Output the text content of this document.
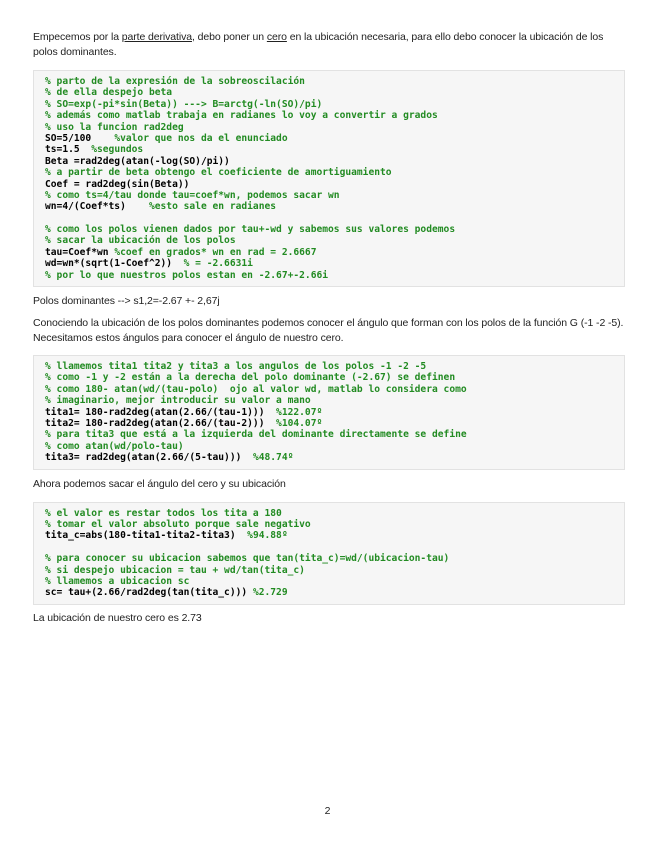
Empecemos por la parte derivativa, debo poner un cero en la ubicación necesaria, para ello debo conocer la ubicación de los polos dominantes.

% parto de la expresión de la sobreoscilación
% de ella despejo beta
% SO=exp(-pi*sin(Beta)) ---> B=arctg(-ln(SO)/pi)
% además como matlab trabaja en radianes lo voy a convertir a grados
% uso la funcion rad2deg
SO=5/100    %valor que nos da el enunciado
ts=1.5  %segundos
Beta =rad2deg(atan(-log(SO)/pi))
% a partir de beta obtengo el coeficiente de amortiguamiento
Coef = rad2deg(sin(Beta))
% como ts=4/tau donde tau=coef*wn, podemos sacar wn
wn=4/(Coef*ts)    %esto sale en radianes
% como los polos vienen dados por tau+-wd y sabemos sus valores podemos
% sacar la ubicación de los polos
tau=Coef*wn %coef en grados* wn en rad = 2.6667
wd=wn*(sqrt(1-Coef^2))  % = -2.6631i
% por lo que nuestros polos estan en -2.67+-2.66i

Polos dominantes --> s1,2=-2.67 +- 2,67j

Conociendo la ubicación de los polos dominantes podemos conocer el ángulo que forman con los polos de la función G (-1 -2 -5). Necesitamos estos ángulos para conocer el ángulo de nuestro cero.

% llamemos tita1 tita2 y tita3 a los angulos de los polos -1 -2 -5
% como -1 y -2 están a la derecha del polo dominante (-2.67) se definen
% como 180- atan(wd/(tau-polo)  ojo al valor wd, matlab lo considera como
% imaginario, mejor introducir su valor a mano
tita1= 180-rad2deg(atan(2.66/(tau-1)))  %122.07º
tita2= 180-rad2deg(atan(2.66/(tau-2)))  %104.07º
% para tita3 que está a la izquierda del dominante directamente se define
% como atan(wd/polo-tau)
tita3= rad2deg(atan(2.66/(5-tau)))  %48.74º

Ahora podemos sacar el ángulo del cero y su ubicación

% el valor es restar todos los tita a 180
% tomar el valor absoluto porque sale negativo
tita_c=abs(180-tita1-tita2-tita3)  %94.88º
% para conocer su ubicacion sabemos que tan(tita_c)=wd/(ubicacion-tau)
% si despejo ubicacion = tau + wd/tan(tita_c)
% llamemos a ubicacion sc
sc= tau+(2.66/rad2deg(tan(tita_c))) %2.729

La ubicación de nuestro cero es 2.73

2
